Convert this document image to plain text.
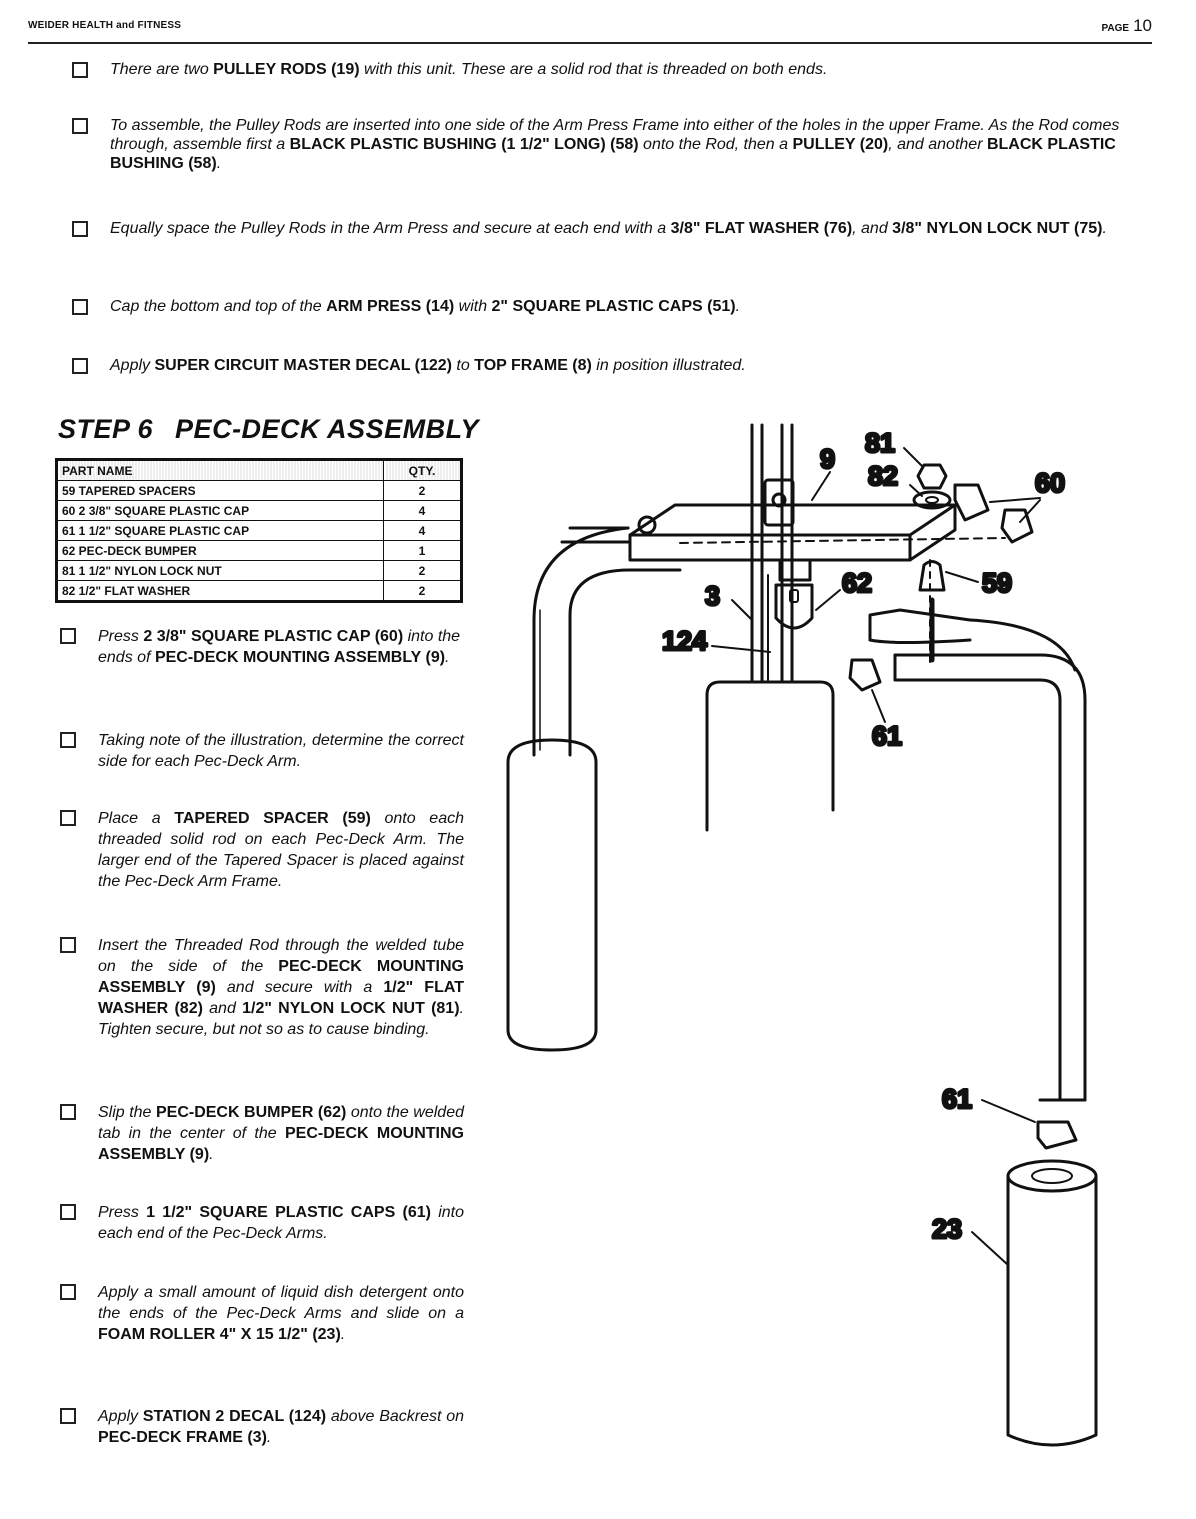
WEIDER HEALTH and FITNESS	PAGE 10
There are two PULLEY RODS (19) with this unit. These are a solid rod that is threaded on both ends.
To assemble, the Pulley Rods are inserted into one side of the Arm Press Frame into either of the holes in the upper Frame. As the Rod comes through, assemble first a BLACK PLASTIC BUSHING (1 1/2" LONG) (58) onto the Rod, then a PULLEY (20), and another BLACK PLASTIC BUSHING (58).
Equally space the Pulley Rods in the Arm Press and secure at each end with a 3/8" FLAT WASHER (76), and 3/8" NYLON LOCK NUT (75).
Cap the bottom and top of the ARM PRESS (14) with 2" SQUARE PLASTIC CAPS (51).
Apply SUPER CIRCUIT MASTER DECAL (122) to TOP FRAME (8) in position illustrated.
STEP 6 PEC-DECK ASSEMBLY
PART NAME	QTY.
59 TAPERED SPACERS	2
60 2 3/8" SQUARE PLASTIC CAP	4
61 1 1/2" SQUARE PLASTIC CAP	4
62 PEC-DECK BUMPER	1
81 1 1/2" NYLON LOCK NUT	2
82 1/2" FLAT WASHER	2
Press 2 3/8" SQUARE PLASTIC CAP (60) into the ends of PEC-DECK MOUNTING ASSEMBLY (9).
Taking note of the illustration, determine the correct side for each Pec-Deck Arm.
Place a TAPERED SPACER (59) onto each threaded solid rod on each Pec-Deck Arm. The larger end of the Tapered Spacer is placed against the Pec-Deck Arm Frame.
Insert the Threaded Rod through the welded tube on the side of the PEC-DECK MOUNTING ASSEMBLY (9) and secure with a 1/2" FLAT WASHER (82) and 1/2" NYLON LOCK NUT (81). Tighten secure, but not so as to cause binding.
Slip the PEC-DECK BUMPER (62) onto the welded tab in the center of the PEC-DECK MOUNTING ASSEMBLY (9).
Press 1 1/2" SQUARE PLASTIC CAPS (61) into each end of the Pec-Deck Arms.
Apply a small amount of liquid dish detergent onto the ends of the Pec-Deck Arms and slide on a FOAM ROLLER 4" X 15 1/2" (23).
Apply STATION 2 DECAL (124) above Backrest on PEC-DECK FRAME (3).
81
9
82	60
62	59
3
124
61
61
23
